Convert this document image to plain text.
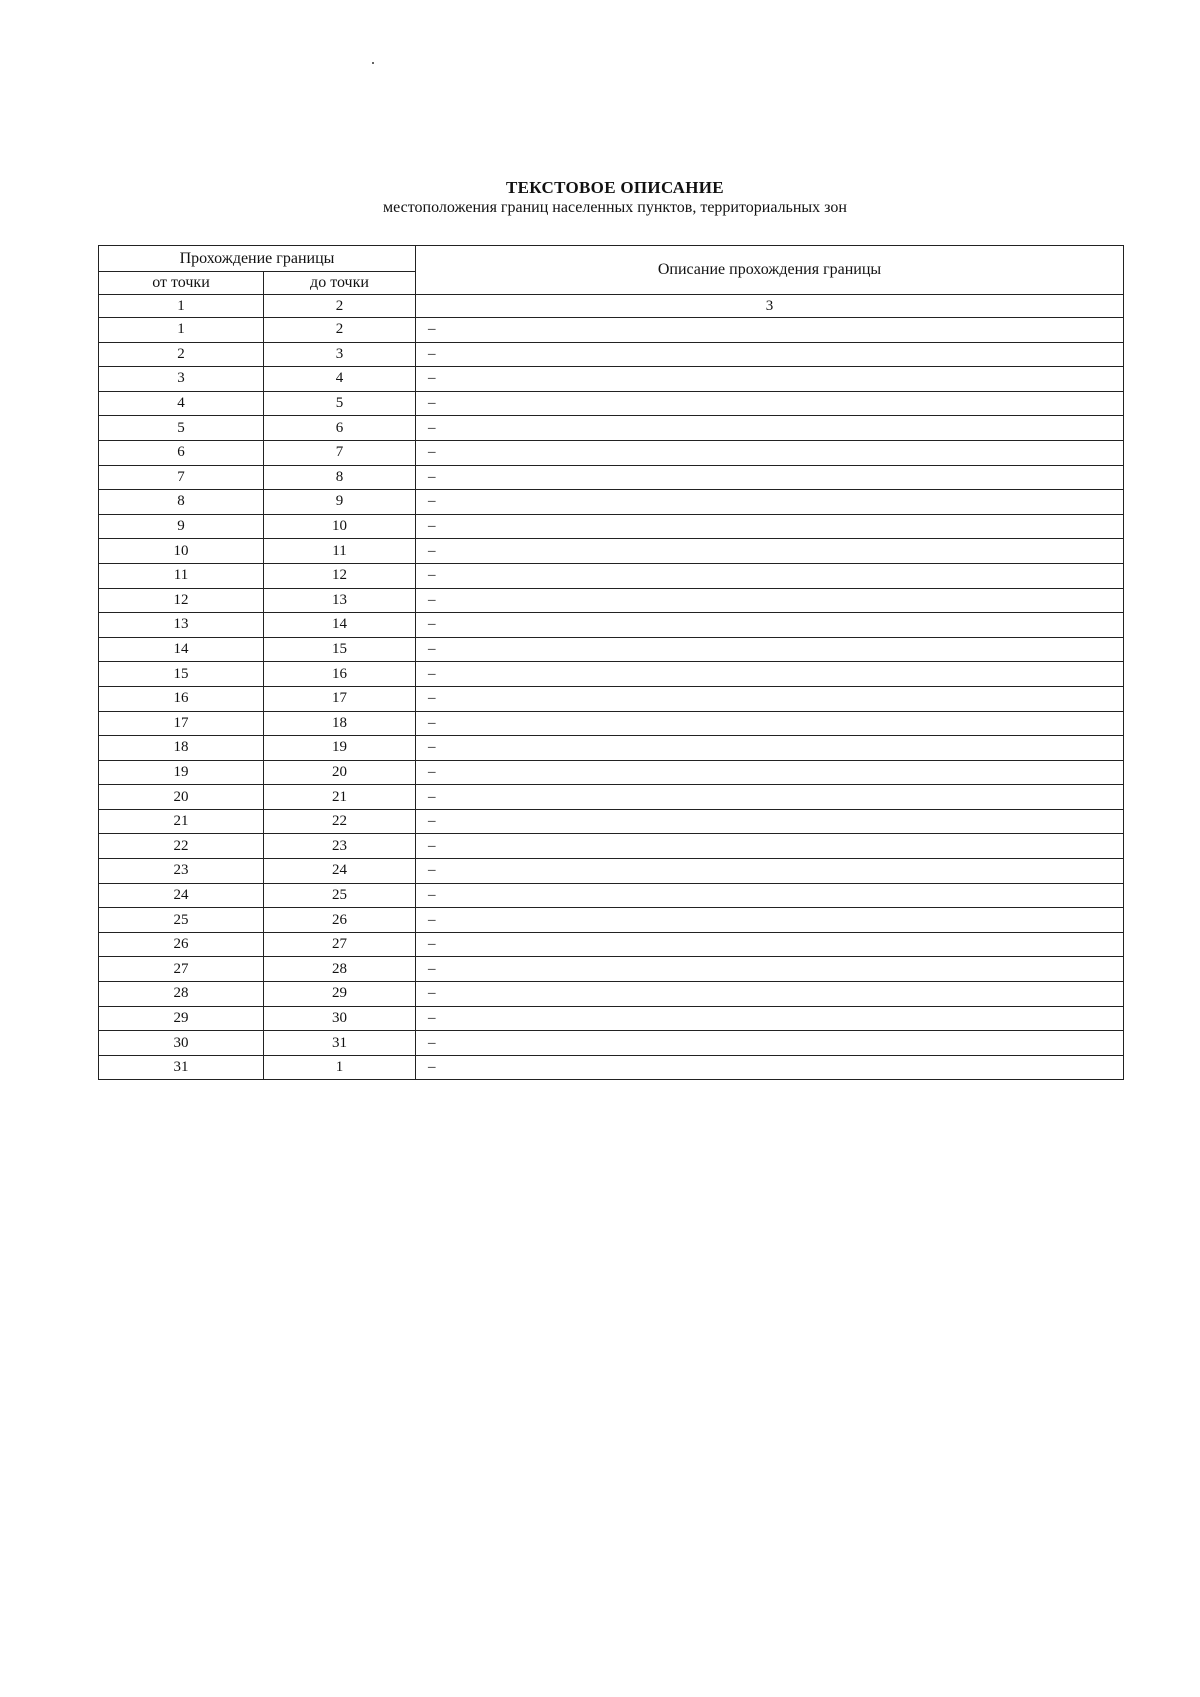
ТЕКСТОВОЕ ОПИСАНИЕ
местоположения границ населенных пунктов, территориальных зон
Прохождение границы		Описание прохождения границы
от точки	до точки	
1	2	3
1	2	–
2	3	–
3	4	–
4	5	–
5	6	–
6	7	–
7	8	–
8	9	–
9	10	–
10	11	–
11	12	–
12	13	–
13	14	–
14	15	–
15	16	–
16	17	–
17	18	–
18	19	–
19	20	–
20	21	–
21	22	–
22	23	–
23	24	–
24	25	–
25	26	–
26	27	–
27	28	–
28	29	–
29	30	–
30	31	–
31	1	–
